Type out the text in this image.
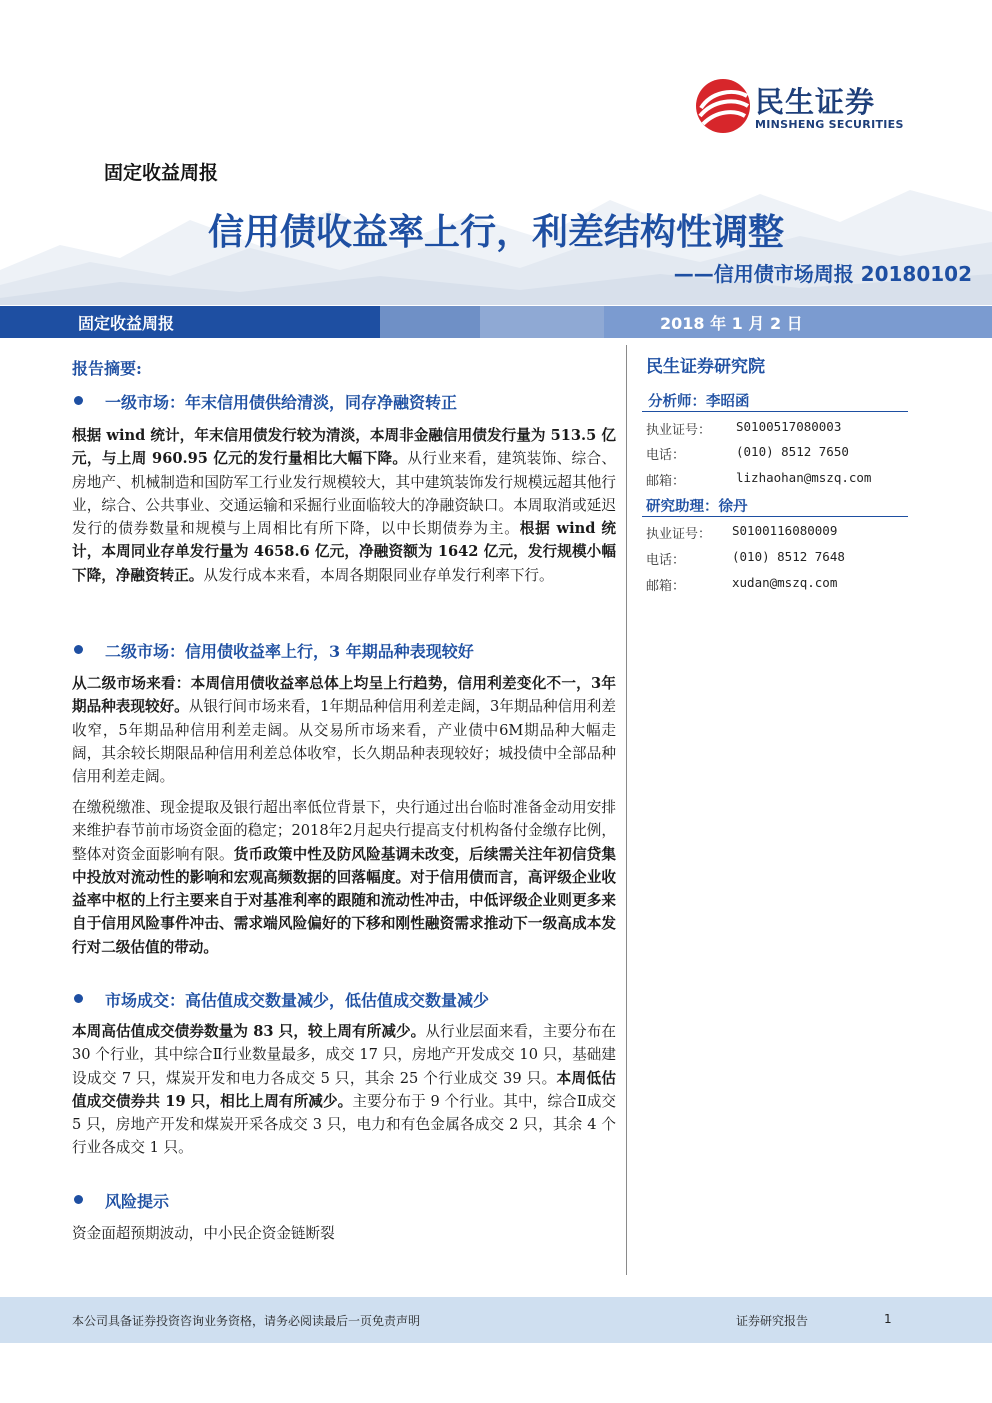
民生证券
MINSHENG SECURITIES
固定收益周报
信用债收益率上行，利差结构性调整
——信用债市场周报 20180102
固定收益周报	2018 年 1 月 2 日
报告摘要:
一级市场：年末信用债供给清淡，同存净融资转正

根据 wind 统计，年末信用债发行较为清淡，本周非金融信用债发行量为 513.5 亿元，与上周 960.95 亿元的发行量相比大幅下降。从行业来看，建筑装饰、综合、房地产、机械制造和国防军工行业发行规模较大，其中建筑装饰发行规模远超其他行业，综合、公共事业、交通运输和采掘行业面临较大的净融资缺口。本周取消或延迟发行的债券数量和规模与上周相比有所下降，以中长期债券为主。根据 wind 统计，本周同业存单发行量为 4658.6 亿元，净融资额为 1642 亿元，发行规模小幅下降，净融资转正。从发行成本来看，本周各期限同业存单发行利率下行。

二级市场：信用债收益率上行，3 年期品种表现较好

从二级市场来看：本周信用债收益率总体上均呈上行趋势，信用利差变化不一，3年期品种表现较好。从银行间市场来看，1年期品种信用利差走阔，3年期品种信用利差收窄，5年期品种信用利差走阔。从交易所市场来看，产业债中6M期品种大幅走阔，其余较长期限品种信用利差总体收窄，长久期品种表现较好；城投债中全部品种信用利差走阔。

在缴税缴准、现金提取及银行超出率低位背景下，央行通过出台临时准备金动用安排来维护春节前市场资金面的稳定；2018年2月起央行提高支付机构备付金缴存比例，整体对资金面影响有限。货币政策中性及防风险基调未改变，后续需关注年初信贷集中投放对流动性的影响和宏观高频数据的回落幅度。对于信用债而言，高评级企业收益率中枢的上行主要来自于对基准利率的跟随和流动性冲击，中低评级企业则更多来自于信用风险事件冲击、需求端风险偏好的下移和刚性融资需求推动下一级高成本发行对二级估值的带动。

市场成交：高估值成交数量减少，低估值成交数量减少

本周高估值成交债券数量为 83 只，较上周有所减少。从行业层面来看，主要分布在 30 个行业，其中综合Ⅱ行业数量最多，成交 17 只，房地产开发成交 10 只，基础建设成交 7 只，煤炭开发和电力各成交 5 只，其余 25 个行业成交 39 只。本周低估值成交债券共 19 只，相比上周有所减少。主要分布于 9 个行业。其中，综合Ⅱ成交 5 只，房地产开发和煤炭开采各成交 3 只，电力和有色金属各成交 2 只，其余 4 个行业各成交 1 只。

风险提示

资金面超预期波动，中小民企资金链断裂

民生证券研究院
分析师：李昭函
执业证号： S0100517080003
电话：	(010) 8512 7650
邮箱：	lizhaohan@mszq.com
研究助理：徐丹
执业证号： S0100116080009
电话：	(010) 8512 7648
邮箱：	xudan@mszq.com
本公司具备证券投资咨询业务资格，请务必阅读最后一页免责声明	证券研究报告	1
